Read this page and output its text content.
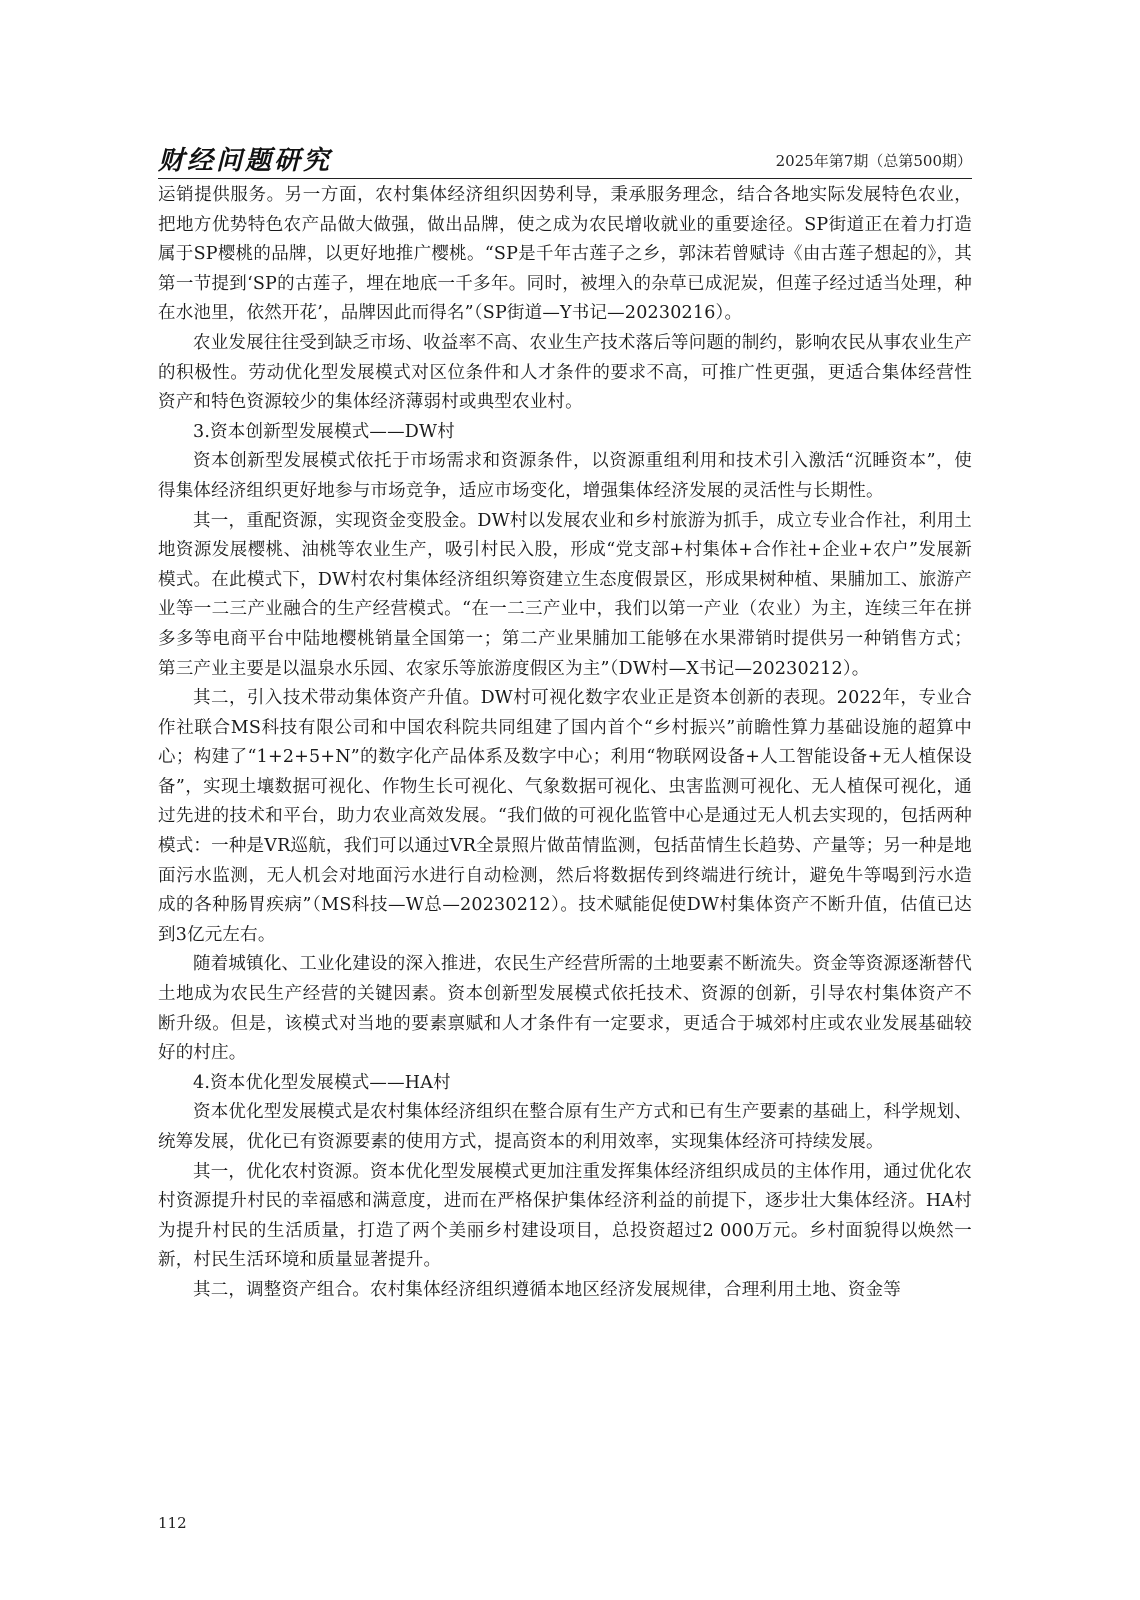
财经问题研究	2025年第7期（总第500期）

运销提供服务。另一方面，农村集体经济组织因势利导，秉承服务理念，结合各地实际发展特色农业，把地方优势特色农产品做大做强，做出品牌，使之成为农民增收就业的重要途径。SP街道正在着力打造属于SP樱桃的品牌，以更好地推广樱桃。“SP是千年古莲子之乡，郭沫若曾赋诗《由古莲子想起的》，其第一节提到‘SP的古莲子，埋在地底一千多年。同时，被埋入的杂草已成泥炭，但莲子经过适当处理，种在水池里，依然开花’，品牌因此而得名”（SP街道—Y书记—20230216）。

农业发展往往受到缺乏市场、收益率不高、农业生产技术落后等问题的制约，影响农民从事农业生产的积极性。劳动优化型发展模式对区位条件和人才条件的要求不高，可推广性更强，更适合集体经营性资产和特色资源较少的集体经济薄弱村或典型农业村。

3.资本创新型发展模式——DW村

资本创新型发展模式依托于市场需求和资源条件，以资源重组利用和技术引入激活“沉睡资本”，使得集体经济组织更好地参与市场竞争，适应市场变化，增强集体经济发展的灵活性与长期性。

其一，重配资源，实现资金变股金。DW村以发展农业和乡村旅游为抓手，成立专业合作社，利用土地资源发展樱桃、油桃等农业生产，吸引村民入股，形成“党支部+村集体+合作社+企业+农户”发展新模式。在此模式下，DW村农村集体经济组织筹资建立生态度假景区，形成果树种植、果脯加工、旅游产业等一二三产业融合的生产经营模式。“在一二三产业中，我们以第一产业（农业）为主，连续三年在拼多多等电商平台中陆地樱桃销量全国第一；第二产业果脯加工能够在水果滞销时提供另一种销售方式；第三产业主要是以温泉水乐园、农家乐等旅游度假区为主”（DW村—X书记—20230212）。

其二，引入技术带动集体资产升值。DW村可视化数字农业正是资本创新的表现。2022年，专业合作社联合MS科技有限公司和中国农科院共同组建了国内首个“乡村振兴”前瞻性算力基础设施的超算中心；构建了“1+2+5+N”的数字化产品体系及数字中心；利用“物联网设备+人工智能设备+无人植保设备”，实现土壤数据可视化、作物生长可视化、气象数据可视化、虫害监测可视化、无人植保可视化，通过先进的技术和平台，助力农业高效发展。“我们做的可视化监管中心是通过无人机去实现的，包括两种模式：一种是VR巡航，我们可以通过VR全景照片做苗情监测，包括苗情生长趋势、产量等；另一种是地面污水监测，无人机会对地面污水进行自动检测，然后将数据传到终端进行统计，避免牛等喝到污水造成的各种肠胃疾病”（MS科技—W总—20230212）。技术赋能促使DW村集体资产不断升值，估值已达到3亿元左右。

随着城镇化、工业化建设的深入推进，农民生产经营所需的土地要素不断流失。资金等资源逐渐替代土地成为农民生产经营的关键因素。资本创新型发展模式依托技术、资源的创新，引导农村集体资产不断升级。但是，该模式对当地的要素禀赋和人才条件有一定要求，更适合于城郊村庄或农业发展基础较好的村庄。

4.资本优化型发展模式——HA村

资本优化型发展模式是农村集体经济组织在整合原有生产方式和已有生产要素的基础上，科学规划、统筹发展，优化已有资源要素的使用方式，提高资本的利用效率，实现集体经济可持续发展。

其一，优化农村资源。资本优化型发展模式更加注重发挥集体经济组织成员的主体作用，通过优化农村资源提升村民的幸福感和满意度，进而在严格保护集体经济利益的前提下，逐步壮大集体经济。HA村为提升村民的生活质量，打造了两个美丽乡村建设项目，总投资超过2 000万元。乡村面貌得以焕然一新，村民生活环境和质量显著提升。

其二，调整资产组合。农村集体经济组织遵循本地区经济发展规律，合理利用土地、资金等

112
